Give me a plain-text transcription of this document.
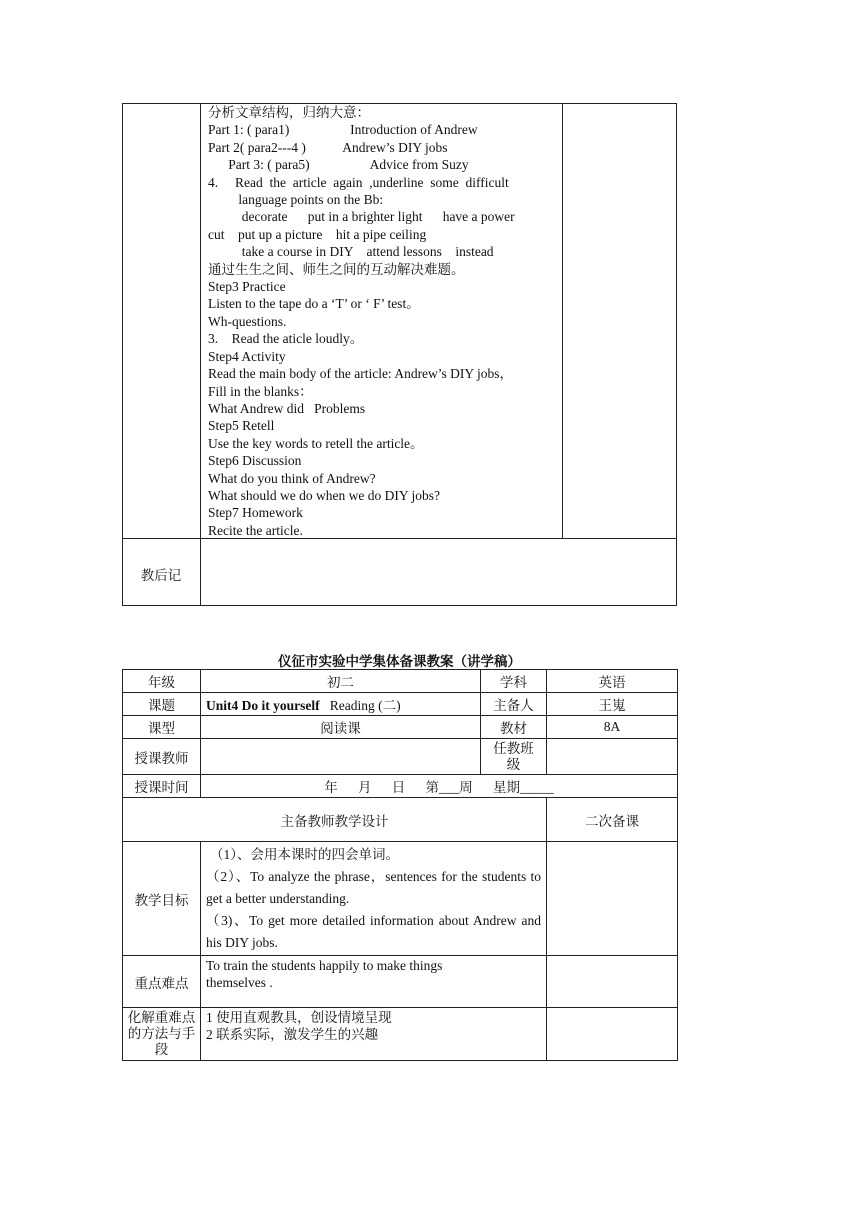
分析文章结构，归纳大意：
Part 1: ( para1)                  Introduction of Andrew
Part 2( para2---4 )           Andrew’s DIY jobs
Part 3: ( para5)                  Advice from Suzy
4.     Read  the  article  again  ,underline  some  difficult
language points on the Bb:
decorate      put in a brighter light      have a power
cut    put up a picture    hit a pipe ceiling
take a course in DIY    attend lessons    instead
通过生生之间、师生之间的互动解决难题。
Step3 Practice
Listen to the tape do a ‘T’ or ‘ F’ test。
Wh-questions.
3.    Read the aticle loudly。
Step4 Activity
Read the main body of the article: Andrew’s DIY jobs，
Fill in the blanks：
What Andrew did   Problems
Step5 Retell
Use the key words to retell the article。
Step6 Discussion
What do you think of Andrew?
What should we do when we do DIY jobs?
Step7 Homework
Recite the article.
教后记
仪征市实验中学集体备课教案（讲学稿）
年级	初二	学科	英语
课题	Unit4 Do it yourself   Reading (二)	主备人	王嵬
课型	阅读课	教材	8A
授课教师		任教班
级	
授课时间	年      月      日      第___周      星期_____		
主备教师教学设计			二次备课
教学目标	（1）、会用本课时的四会单词。
（2）、To analyze the phrase，sentences for the students to get a better understanding.
（3)、To get more detailed information about Andrew and his DIY jobs.		

重点难点	To train the students happily to make things themselves .		
化解重难点的方法与手段	1 使用直观教具，创设情境呈现
2 联系实际，激发学生的兴趣		
